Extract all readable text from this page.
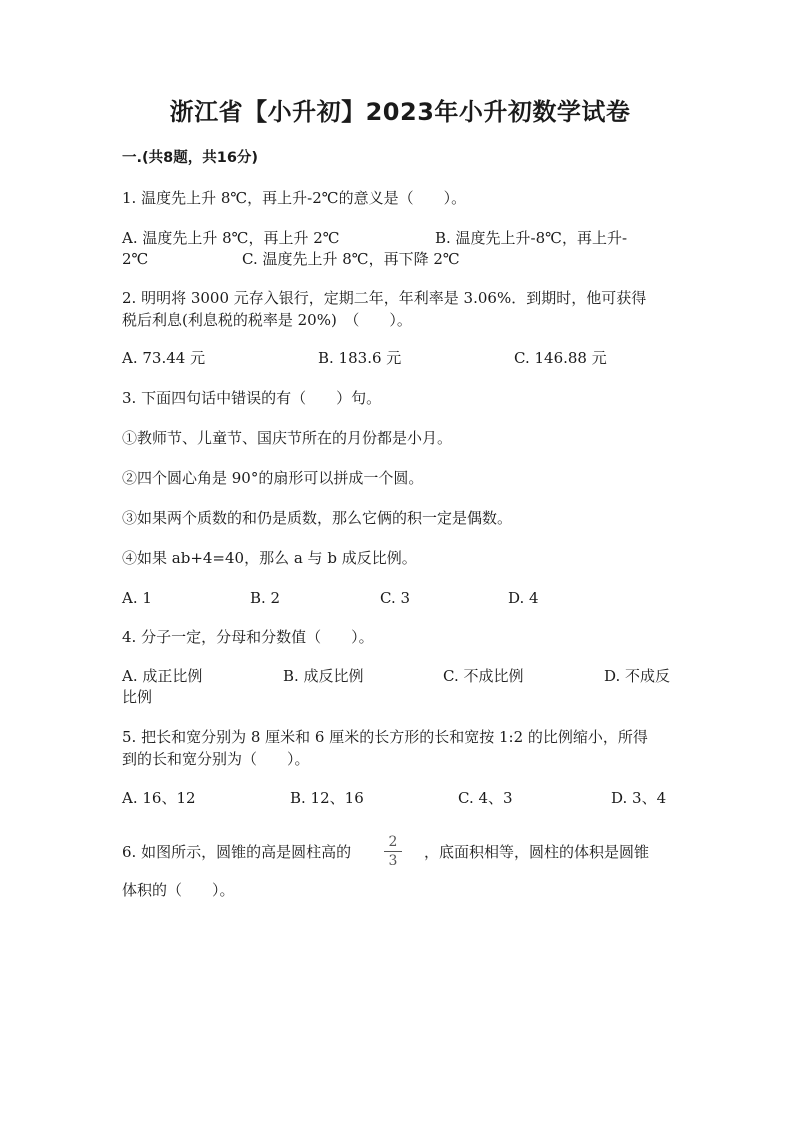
浙江省【小升初】2023年小升初数学试卷
一.(共8题，共16分)
1. 温度先上升 8℃，再上升-2℃的意义是（　　）。
A. 温度先上升 8℃，再上升 2℃	B. 温度先上升-8℃，再上升-
2℃	C. 温度先上升 8℃，再下降 2℃
2. 明明将 3000 元存入银行，定期二年，年利率是 3.06%．到期时，他可获得
税后利息(利息税的税率是 20%)　（　　）。
A. 73.44 元	B. 183.6 元	C. 146.88 元
3. 下面四句话中错误的有（　　）句。
①教师节、儿童节、国庆节所在的月份都是小月。
②四个圆心角是 90°的扇形可以拼成一个圆。
③如果两个质数的和仍是质数，那么它俩的积一定是偶数。
④如果 ab+4=40，那么 a 与 b 成反比例。
A. 1	B. 2	C. 3	D. 4
4. 分子一定，分母和分数值（　　）。
A. 成正比例	B. 成反比例	C. 不成比例	D. 不成反
比例
5. 把长和宽分别为 8 厘米和 6 厘米的长方形的长和宽按 1:2 的比例缩小，所得
到的长和宽分别为（　　）。
A. 16、12	B. 12、16	C. 4、3	D. 3、4
6. 如图所示，圆锥的高是圆柱高的
2
3	，底面积相等，圆柱的体积是圆锥
体积的（　　）。
